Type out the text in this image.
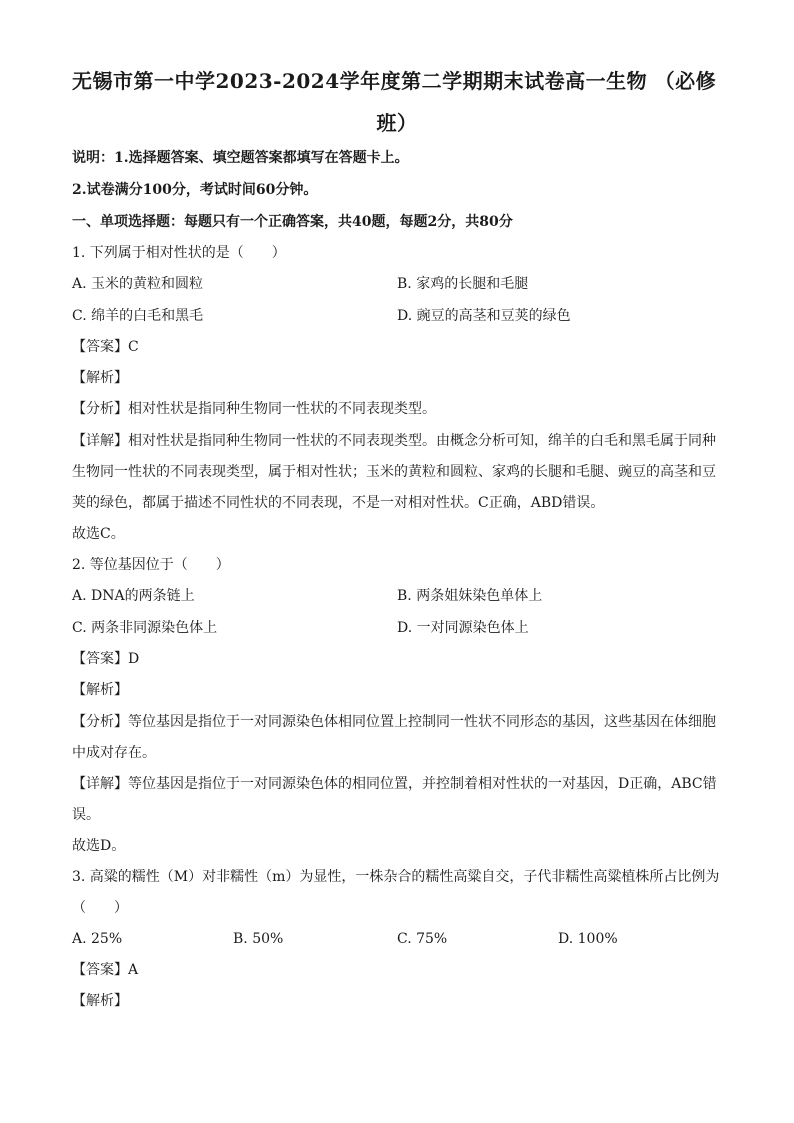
无锡市第一中学2023-2024学年度第二学期期末试卷高一生物 （必修
班）
说明：1.选择题答案、填空题答案都填写在答题卡上。
2.试卷满分100分，考试时间60分钟。
一、单项选择题：每题只有一个正确答案，共40题，每题2分，共80分
1. 下列属于相对性状的是（　　）
A. 玉米的黄粒和圆粒	B. 家鸡的长腿和毛腿
C. 绵羊的白毛和黑毛	D. 豌豆的高茎和豆荚的绿色
【答案】C
【解析】
【分析】相对性状是指同种生物同一性状的不同表现类型。
【详解】相对性状是指同种生物同一性状的不同表现类型。由概念分析可知，绵羊的白毛和黑毛属于同种
生物同一性状的不同表现类型，属于相对性状；玉米的黄粒和圆粒、家鸡的长腿和毛腿、豌豆的高茎和豆
荚的绿色，都属于描述不同性状的不同表现，不是一对相对性状。C正确，ABD错误。
故选C。
2. 等位基因位于（　　）
A. DNA的两条链上	B. 两条姐妹染色单体上
C. 两条非同源染色体上	D. 一对同源染色体上
【答案】D
【解析】
【分析】等位基因是指位于一对同源染色体相同位置上控制同一性状不同形态的基因，这些基因在体细胞
中成对存在。
【详解】等位基因是指位于一对同源染色体的相同位置，并控制着相对性状的一对基因，D正确，ABC错
误。
故选D。
3. 高粱的糯性（M）对非糯性（m）为显性，一株杂合的糯性高粱自交，子代非糯性高粱植株所占比例为
（　　）
A. 25%	B. 50%	C. 75%	D. 100%
【答案】A
【解析】
